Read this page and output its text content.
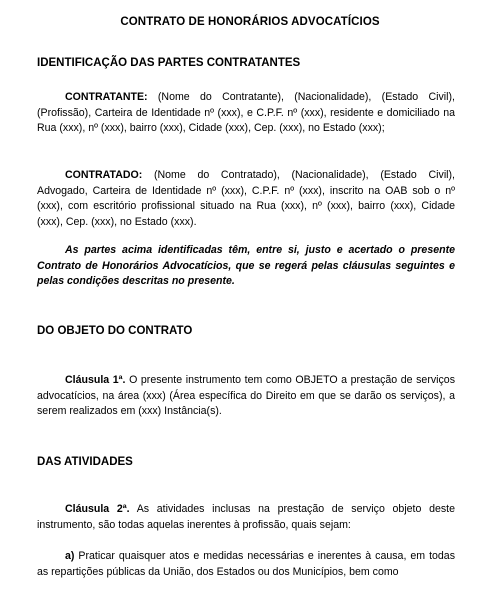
CONTRATO DE HONORÁRIOS ADVOCATÍCIOS
IDENTIFICAÇÃO DAS PARTES CONTRATANTES

CONTRATANTE: (Nome do Contratante), (Nacionalidade), (Estado Civil), (Profissão), Carteira de Identidade nº (xxx), e C.P.F. nº (xxx), residente e domiciliado na Rua (xxx), nº (xxx), bairro (xxx), Cidade (xxx), Cep. (xxx), no Estado (xxx);

CONTRATADO: (Nome do Contratado), (Nacionalidade), (Estado Civil), Advogado, Carteira de Identidade nº (xxx), C.P.F. nº (xxx), inscrito na OAB sob o nº (xxx), com escritório profissional situado na Rua (xxx), nº (xxx), bairro (xxx), Cidade (xxx), Cep. (xxx), no Estado (xxx).

As partes acima identificadas têm, entre si, justo e acertado o presente Contrato de Honorários Advocatícios, que se regerá pelas cláusulas seguintes e pelas condições descritas no presente.

DO OBJETO DO CONTRATO

Cláusula 1ª. O presente instrumento tem como OBJETO a prestação de serviços advocatícios, na área (xxx) (Área específica do Direito em que se darão os serviços), a serem realizados em (xxx) Instância(s).

DAS ATIVIDADES

Cláusula 2ª. As atividades inclusas na prestação de serviço objeto deste instrumento, são todas aquelas inerentes à profissão, quais sejam:

a) Praticar quaisquer atos e medidas necessárias e inerentes à causa, em todas as repartições públicas da União, dos Estados ou dos Municípios, bem como
